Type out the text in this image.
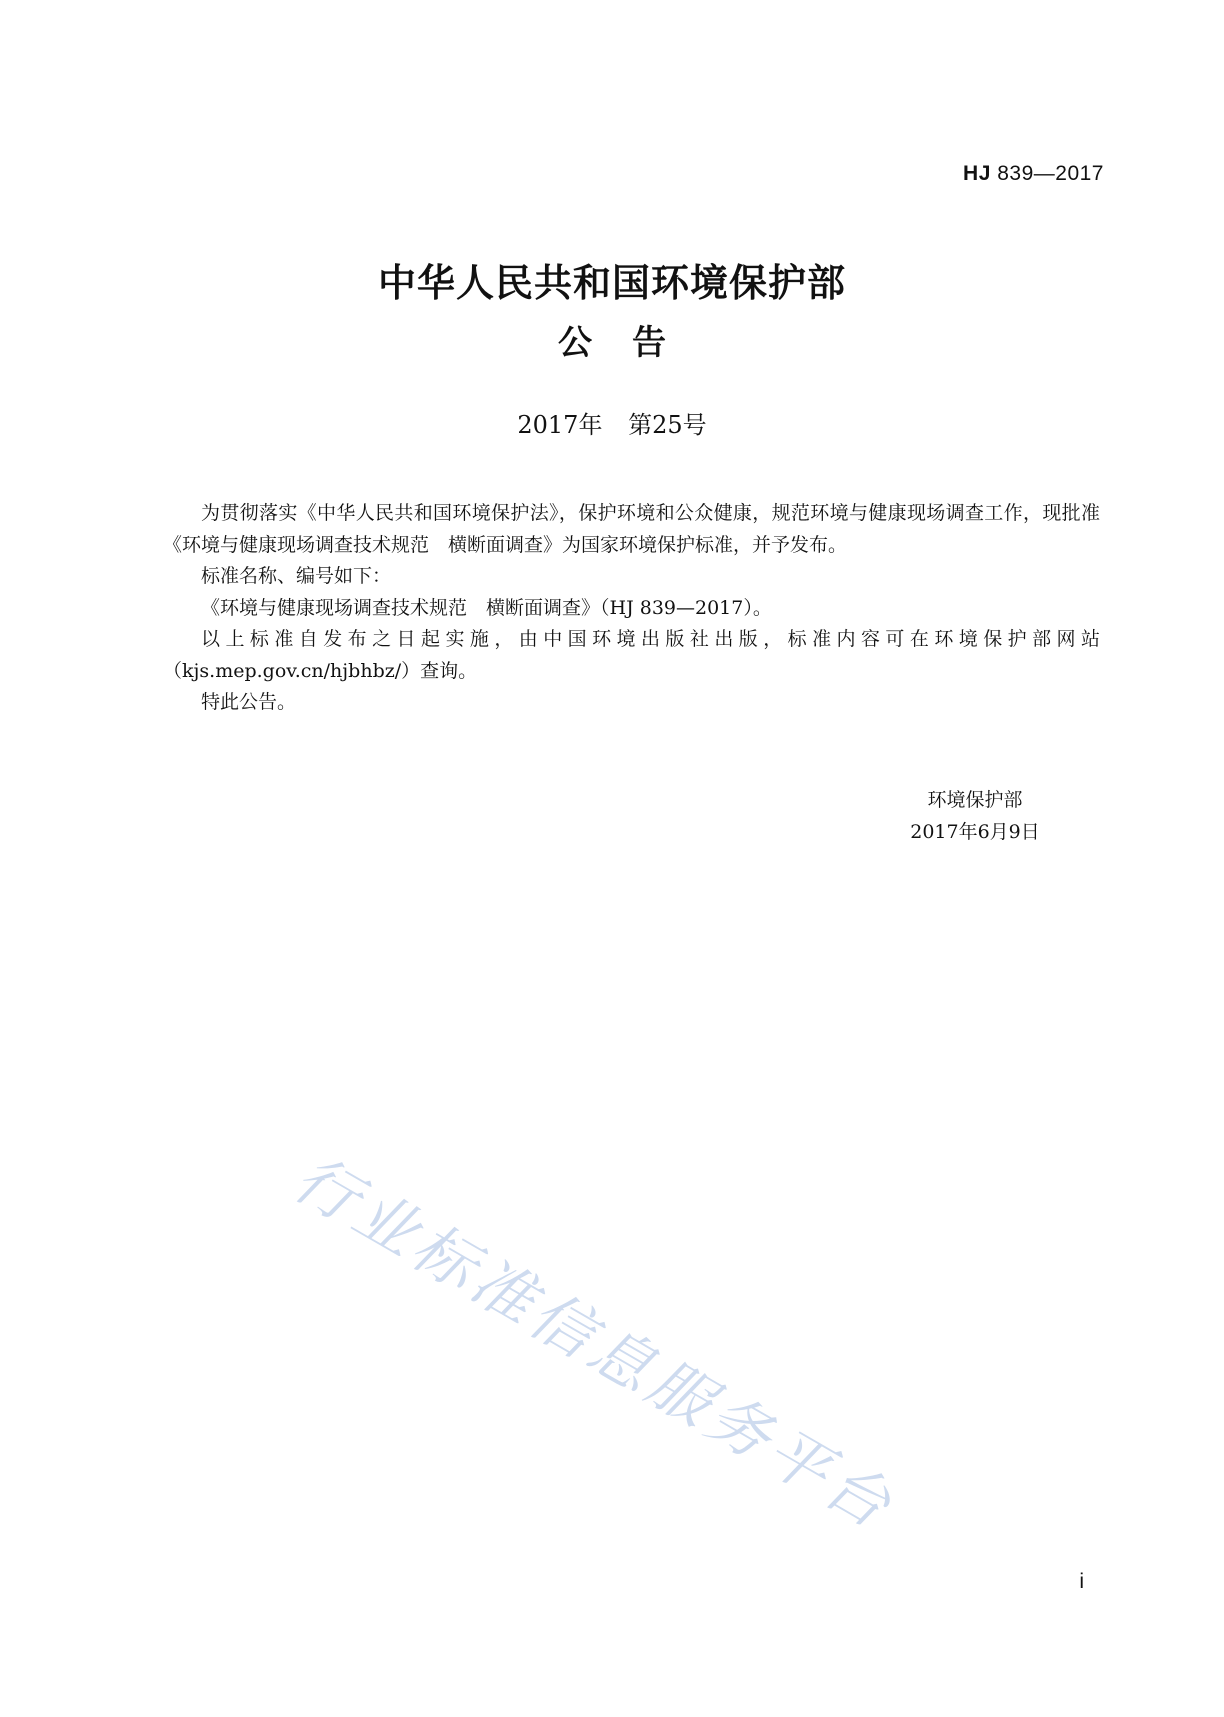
HJ 839—2017
中华人民共和国环境保护部
公告
2017年 第25号

为贯彻落实《中华人民共和国环境保护法》，保护环境和公众健康，规范环境与健康现场调查工作，现批准《环境与健康现场调查技术规范　横断面调查》为国家环境保护标准，并予发布。

标准名称、编号如下：

《环境与健康现场调查技术规范　横断面调查》（HJ 839—2017）。

以上标准自发布之日起实施，由中国环境出版社出版，标准内容可在环境保护部网站（kjs.mep.gov.cn/hjbhbz/）查询。

特此公告。

环境保护部
2017年6月9日
行业标准信息服务平台
i
